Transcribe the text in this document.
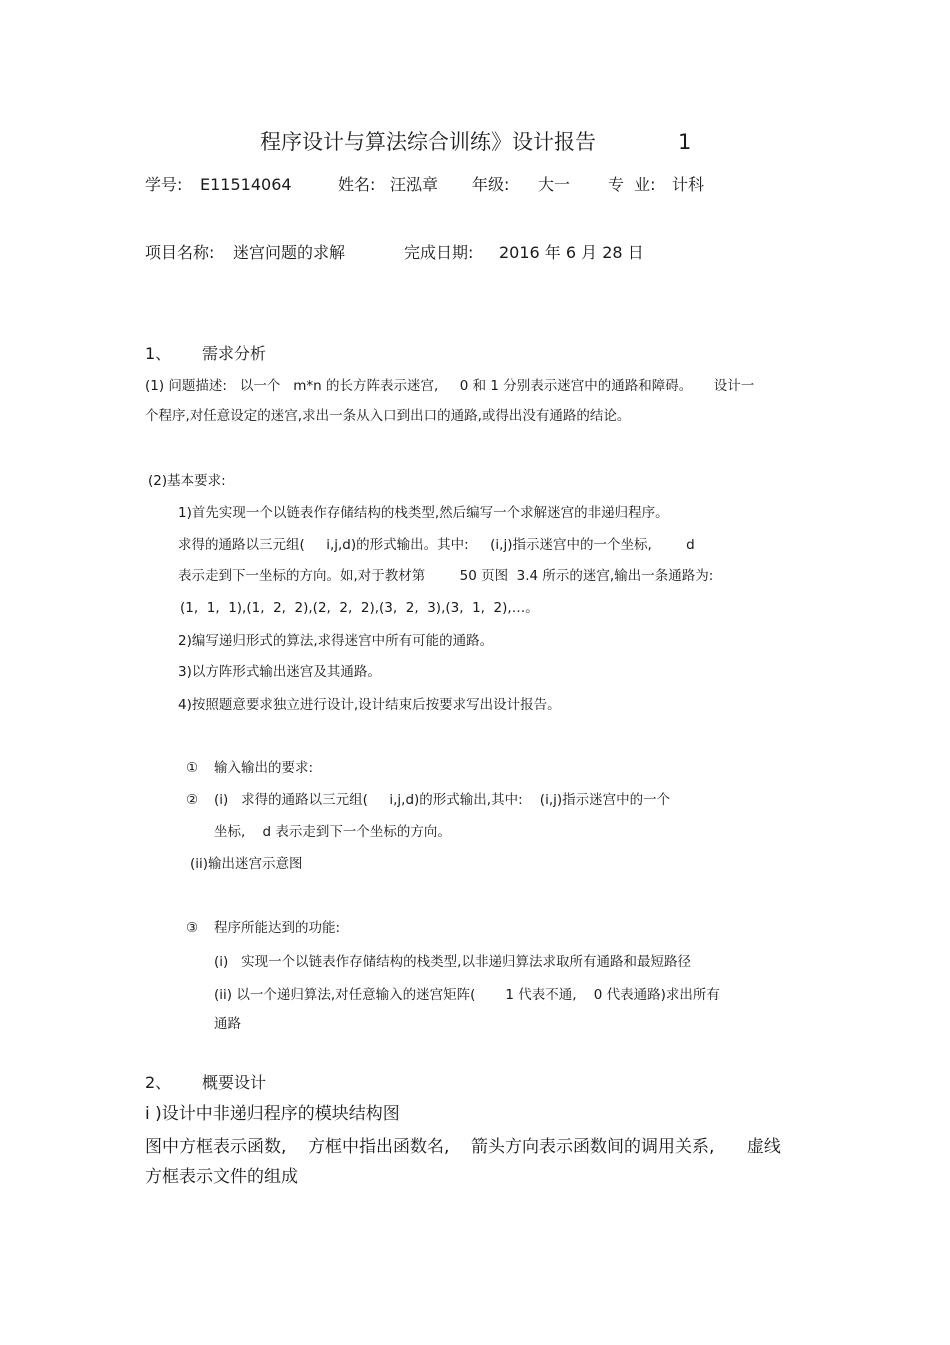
程序设计与算法综合训练》设计报告	1
学号: E11514064	姓名: 汪泓章 年级: 大一 专  业: 计科
项目名称: 迷宫问题的求解	完成日期: 2016 年 6 月 28 日
1、 需求分析
(1) 问题描述:   以一个   m*n 的长方阵表示迷宫,     0 和 1 分别表示迷宫中的通路和障碍。     设计一
个程序,对任意设定的迷宫,求出一条从入口到出口的通路,或得出没有通路的结论。
(2)基本要求:
1)首先实现一个以链表作存储结构的栈类型,然后编写一个求解迷宫的非递归程序。
求得的通路以三元组(     i,j,d)的形式输出。其中:     (i,j)指示迷宫中的一个坐标,        d
表示走到下一坐标的方向。如,对于教材第        50 页图  3.4 所示的迷宫,输出一条通路为:
(1,  1,  1),(1,  2,  2),(2,  2,  2),(3,  2,  3),(3,  1,  2),…。
2)编写递归形式的算法,求得迷宫中所有可能的通路。
3)以方阵形式输出迷宫及其通路。
4)按照题意要求独立进行设计,设计结束后按要求写出设计报告。
① 输入输出的要求:
② (i)   求得的通路以三元组(     i,j,d)的形式输出,其中:    (i,j)指示迷宫中的一个
坐标,    d 表示走到下一个坐标的方向。
(ii)输出迷宫示意图
③ 程序所能达到的功能:
(i)   实现一个以链表作存储结构的栈类型,以非递归算法求取所有通路和最短路径
(ii) 以一个递归算法,对任意输入的迷宫矩阵(       1 代表不通,    0 代表通路)求出所有
通路
2、 概要设计
i )设计中非递归程序的模块结构图
图中方框表示函数,    方框中指出函数名,    箭头方向表示函数间的调用关系,      虚线
方框表示文件的组成
